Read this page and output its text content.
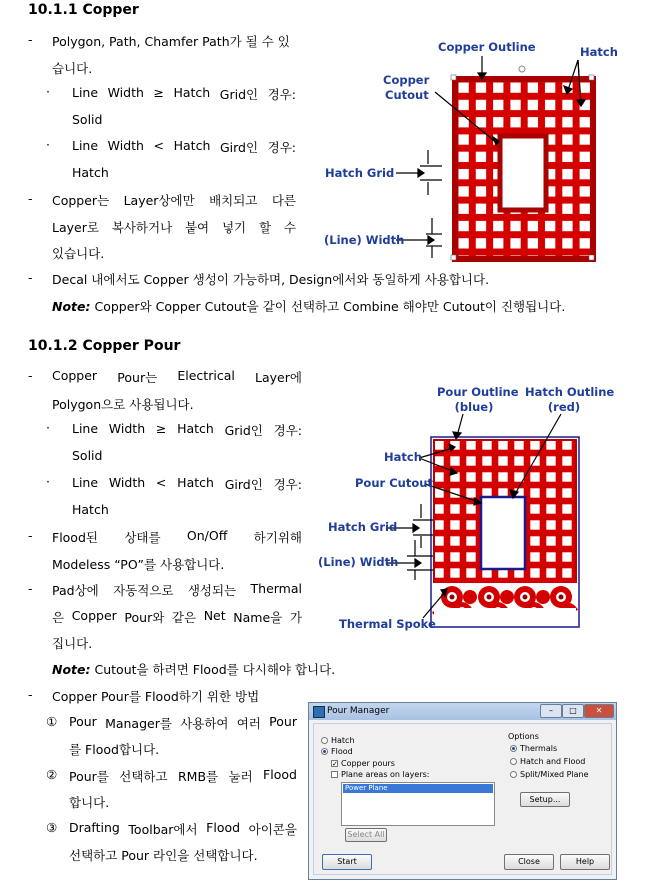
10.1.1 Copper
- Polygon, Path, Chamfer Path가 될 수 있
습니다.
· Line Width ≥ Hatch Grid인 경우:
Solid
· Line Width < Hatch Gird인 경우:
Hatch
- Copper는 Layer상에만 배치되고 다른
Layer로 복사하거나 붙여 넣기 할 수
있습니다.
- Decal 내에서도 Copper 생성이 가능하며, Design에서와 동일하게 사용합니다.
Note: Copper와 Copper Cutout을 같이 선택하고 Combine 해야만 Cutout이 진행됩니다.
Copper Outline	Hatch
Copper
Cutout
Hatch Grid
(Line) Width
10.1.2 Copper Pour
- Copper Pour는 Electrical Layer에
Polygon으로 사용됩니다.
· Line Width ≥ Hatch Grid인 경우:
Solid
· Line Width < Hatch Gird인 경우:
Hatch
- Flood된 상태를 On/Off 하기위해
Modeless “PO”를 사용합니다.
- Pad상에 자동적으로 생성되는 Thermal
은 Copper Pour와 같은 Net Name을 가
집니다.
Note: Cutout을 하려면 Flood를 다시해야 합니다.
- Copper Pour를 Flood하기 위한 방법
① Pour Manager를 사용하여 여러 Pour
를 Flood합니다.
② Pour를 선택하고 RMB를 눌러 Flood
합니다.
③ Drafting Toolbar에서 Flood 아이콘을
선택하고 Pour 라인을 선택합니다.
Pour Outline
(blue)
Hatch Outline
(red)
Hatch
Pour Cutout
Hatch Grid
(Line) Width
Thermal Spoke
Pour Manager	–	□	✕
Hatch
Flood
✓ Copper pours
Plane areas on layers:
Power Plane
Select All
Options
Thermals
Hatch and Flood
Split/Mixed Plane
Setup...
Start	Close	Help
